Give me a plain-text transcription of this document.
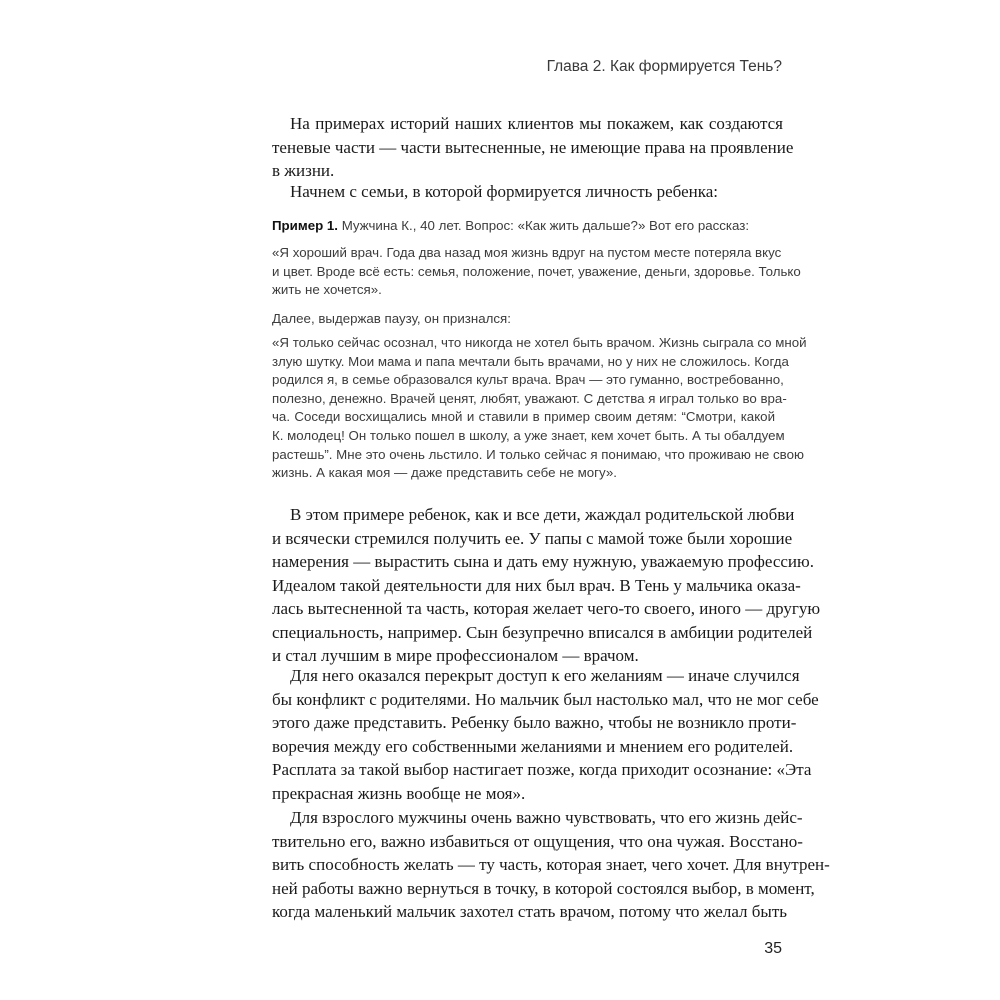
Глава 2. Как формируется Тень?
На примерах историй наших клиентов мы покажем, как создаются
теневые части — части вытесненные, не имеющие права на проявление
в жизни.
Начнем с семьи, в которой формируется личность ребенка:
Пример 1. Мужчина К., 40 лет. Вопрос: «Как жить дальше?» Вот его рассказ:
«Я хороший врач. Года два назад моя жизнь вдруг на пустом месте потеряла вкус
и цвет. Вроде всё есть: семья, положение, почет, уважение, деньги, здоровье. Только
жить не хочется».
Далее, выдержав паузу, он признался:
«Я только сейчас осознал, что никогда не хотел быть врачом. Жизнь сыграла со мной
злую шутку. Мои мама и папа мечтали быть врачами, но у них не сложилось. Когда
родился я, в семье образовался культ врача. Врач — это гуманно, востребованно,
полезно, денежно. Врачей ценят, любят, уважают. С детства я играл только во вра-
ча. Соседи восхищались мной и ставили в пример своим детям: “Смотри, какой
К. молодец! Он только пошел в школу, а уже знает, кем хочет быть. А ты обалдуем
растешь”. Мне это очень льстило. И только сейчас я понимаю, что проживаю не свою
жизнь. А какая моя — даже представить себе не могу».
В этом примере ребенок, как и все дети, жаждал родительской любви
и всячески стремился получить ее. У папы с мамой тоже были хорошие
намерения — вырастить сына и дать ему нужную, уважаемую профессию.
Идеалом такой деятельности для них был врач. В Тень у мальчика оказа-
лась вытесненной та часть, которая желает чего-то своего, иного — другую
специальность, например. Сын безупречно вписался в амбиции родителей
и стал лучшим в мире профессионалом — врачом.
Для него оказался перекрыт доступ к его желаниям — иначе случился
бы конфликт с родителями. Но мальчик был настолько мал, что не мог себе
этого даже представить. Ребенку было важно, чтобы не возникло проти-
воречия между его собственными желаниями и мнением его родителей.
Расплата за такой выбор настигает позже, когда приходит осознание: «Эта
прекрасная жизнь вообще не моя».
Для взрослого мужчины очень важно чувствовать, что его жизнь дейс-
твительно его, важно избавиться от ощущения, что она чужая. Восстано-
вить способность желать — ту часть, которая знает, чего хочет. Для внутрен-
ней работы важно вернуться в точку, в которой состоялся выбор, в момент,
когда маленький мальчик захотел стать врачом, потому что желал быть
35
